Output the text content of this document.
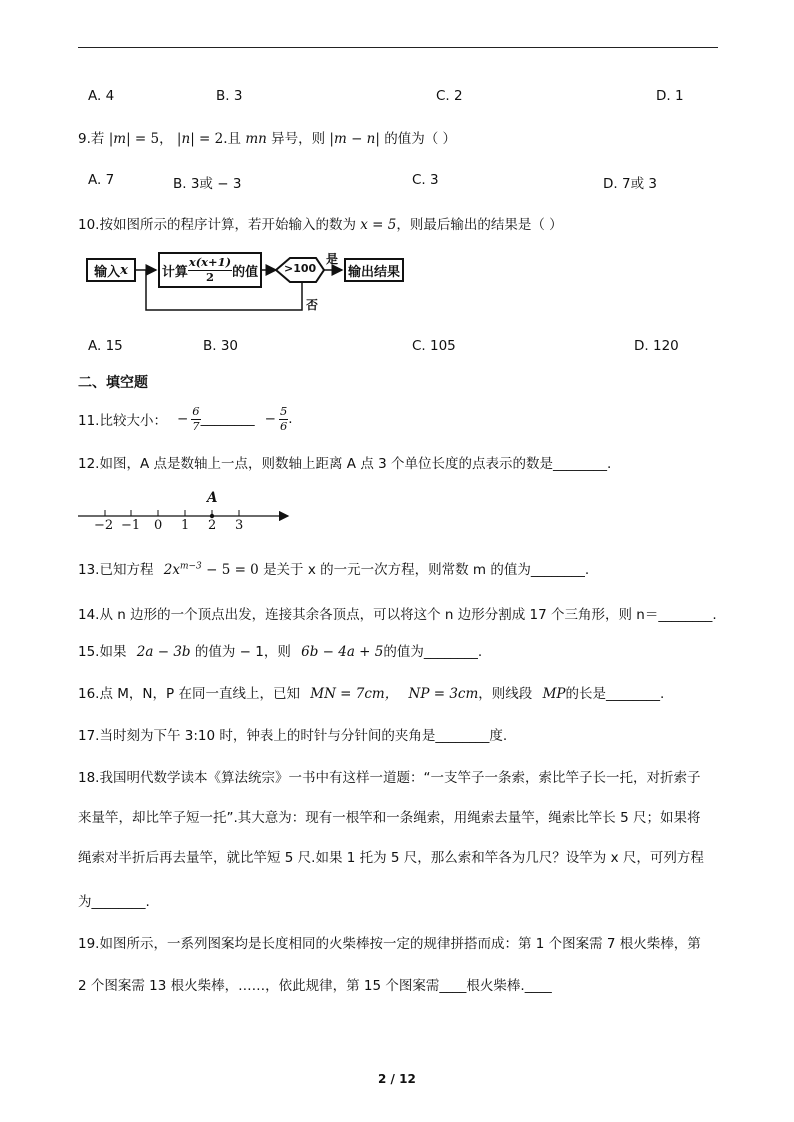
A. 4	B. 3	C. 2	D. 1
9.若 |m| = 5， |n| = 2.且 mn 异号，则 |m − n| 的值为（ ）
A. 7	B. 3或 − 3	C. 3	D. 7或 3
10.按如图所示的程序计算，若开始输入的数为 x = 5，则最后输出的结果是（ ）
输入 x	计算 $\frac{x(x+1)}{2}$ 的值 >100
是
否
输出结果
A. 15	B. 30	C. 105	D. 120
二、填空题
11.比较大小： − $\frac{6}{7}$ ________ − $\frac{5}{6}$ .
12.如图，A 点是数轴上一点，则数轴上距离 A 点 3 个单位长度的点表示的数是________.
A
−2 −1 0 1 2 3
13.已知方程 $2x^{m-3} - 5 = 0$ 是关于 x 的一元一次方程，则常数 m 的值为________.
14.从 n 边形的一个顶点出发，连接其余各顶点，可以将这个 n 边形分割成 17 个三角形，则 n＝________.
15.如果 2a − 3b 的值为 − 1，则 6b − 4a + 5的值为________.
16.点 M，N，P 在同一直线上，已知 MN = 7cm， NP = 3cm，则线段 MP的长是________.
17.当时刻为下午 3:10 时，钟表上的时针与分针间的夹角是________度.
18.我国明代数学读本《算法统宗》一书中有这样一道题：“一支竿子一条索，索比竿子长一托，对折索子
来量竿，却比竿子短一托”.其大意为：现有一根竿和一条绳索，用绳索去量竿，绳索比竿长 5 尺；如果将
绳索对半折后再去量竿，就比竿短 5 尺.如果 1 托为 5 尺，那么索和竿各为几尺？设竿为 x 尺，可列方程
为________.
19.如图所示，一系列图案均是长度相同的火柴棒按一定的规律拼搭而成：第 1 个图案需 7 根火柴棒，第
2 个图案需 13 根火柴棒，……，依此规律，第 15 个图案需____根火柴棒.____
2 / 12
